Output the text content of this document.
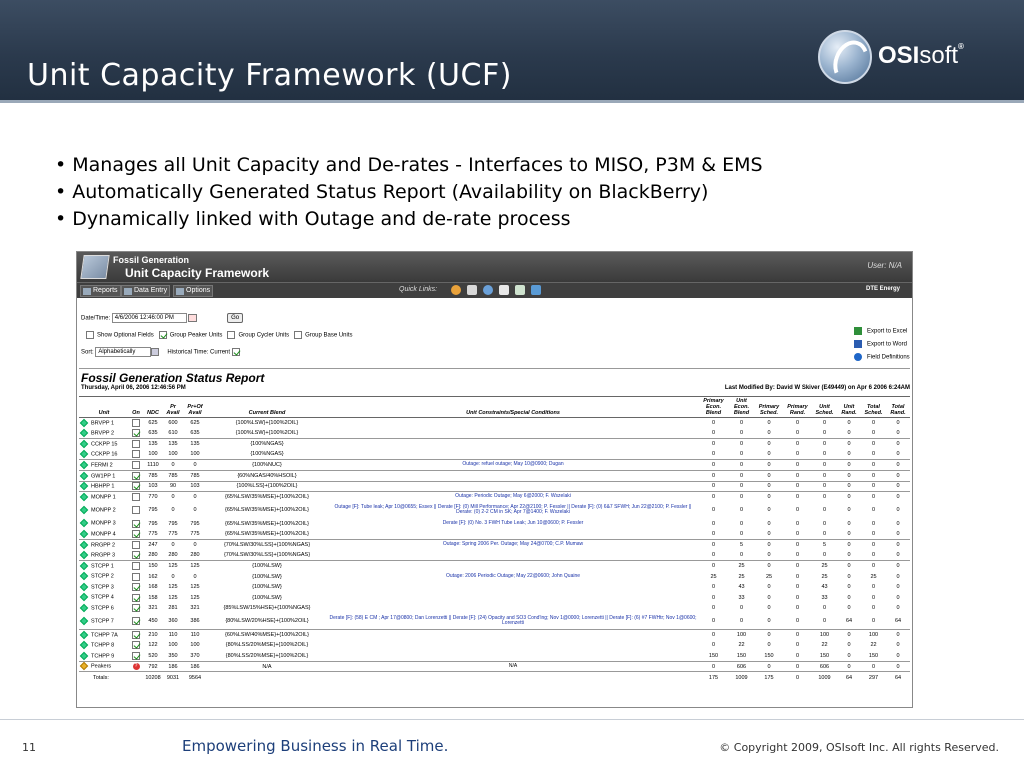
Unit Capacity Framework (UCF)
OSIsoft®
• Manages all Unit Capacity and De-rates - Interfaces to MISO, P3M & EMS
• Automatically Generated Status Report (Availability on BlackBerry)
• Dynamically linked with Outage and de-rate process
Fossil Generation
Unit Capacity Framework
User: N/A
Reports	Data Entry	Options	Quick Links:	DTE Energy
Date/Time: 4/6/2006 12:46:00 PM	Go
Show Optional Fields	Group Peaker Units	Group Cycler Units	Group Base Units
Sort: Alphabetically	Historical Time: Current
Export to Excel
Export to Word
Field Definitions
Fossil Generation Status Report
Thursday, April 06, 2006 12:46:56 PM	Last Modified By: David W Skiver (E49449) on Apr 6 2006 6:24AM
Unit	On	NDC	Pr Avail	Pr+Of Avail	Current Blend	Unit Constraints/Special Conditions	Primary Econ. Blend	Unit Econ. Blend	Primary Sched.	Primary Rand.	Unit Sched.	Unit Rand.	Total Sched.	Total Rand.
BRVPP 1		625	600	625	{100%LSW}+{100%2OIL}		0	0	0	0	0	0	0	0
BRVPP 2		635	610	635	{100%LSW}+{100%2OIL}		0	0	0	0	0	0	0	0
CCKPP 15		135	135	135	{100%NGAS}		0	0	0	0	0	0	0	0
CCKPP 16		100	100	100	{100%NGAS}		0	0	0	0	0	0	0	0
FERMI 2		1110	0	0	{100%NUC}	Outage: refuel outage; May 10@0900; Dugan	0	0	0	0	0	0	0	0
GW1PP 1		785	785	785	{60%NGAS/40%HSOIL}		0	0	0	0	0	0	0	0
HBHPP 1		103	90	103	{100%LSS}+{100%2OIL}		0	0	0	0	0	0	0	0
MONPP 1		770	0	0	{65%LSW/35%MSE}+{100%2OIL}	Outage: Periodic Outage; May 6@2000; F. Wszelaki	0	0	0	0	0	0	0	0
MONPP 2		795	0	0	{65%LSW/35%MSE}+{100%2OIL}	Outage [F]: Tube leak; Apr 10@0655; Essex || Derate [F]: (0) Mill Performance; Apr 22@2100; P. Fessler || Derate [F]: (0) 6&7 SFWH; Jun 22@2100; P. Fessler || Derate: (0) 2-2 CM in SK; Apr 7@1400; F. Wszelaki	0	0	0	0	0	0	0	0
MONPP 3		795	795	795	{65%LSW/35%MSE}+{100%2OIL}	Derate [F]: (0) No. 3 FWH Tube Leak; Jun 10@0600; P. Fessler	0	0	0	0	0	0	0	0
MONPP 4		775	775	775	{65%LSW/35%MSE}+{100%2OIL}		0	0	0	0	0	0	0	0
RRGPP 2		247	0	0	{70%LSW/30%LSS}+{100%NGAS}	Outage: Spring 2006 Per. Outage; May 24@0700; C.P. Mumaw	0	5	0	0	5	0	0	0
RRGPP 3		280	280	280	{70%LSW/30%LSS}+{100%NGAS}		0	0	0	0	0	0	0	0
STCPP 1		150	125	125	{100%LSW}		0	25	0	0	25	0	0	0
STCPP 2		162	0	0	{100%LSW}	Outage: 2006 Periodic Outage; May 22@0600; John Quaine	25	25	25	0	25	0	25	0
STCPP 3		168	125	125	{100%LSW}		0	43	0	0	43	0	0	0
STCPP 4		158	125	125	{100%LSW}		0	33	0	0	33	0	0	0
STCPP 6		321	281	321	{85%LSW/15%HSE}+{100%NGAS}		0	0	0	0	0	0	0	0
STCPP 7		450	360	386	{80%LSW/20%HSE}+{100%2OIL}	Derate [F]: (58) E CM ; Apr 17@0800; Dan Lorenzetti || Derate [F]: (24) Opacity and SO3 Cond'ing; Nov 1@0000; Lorenzetti || Derate [F]: (6) #7 FWHtr; Nov 1@0600; Lorenzetti	0	0	0	0	0	64	0	64
TCHPP 7A		210	110	110	{60%LSW/40%MSE}+{100%2OIL}		0	100	0	0	100	0	100	0
TCHPP 8		122	100	100	{80%LSS/20%MSE}+{100%2OIL}		0	22	0	0	22	0	22	0
TCHPP 9		520	350	370	{80%LSS/20%MSE}+{100%2OIL}		150	150	150	0	150	0	150	0
Peakers	?	792	186	186	N/A	N/A	0	606	0	0	606	0	0	0
Totals:		10208	9031	9564			175	1009	175	0	1009	64	297	64
11	Empowering Business in Real Time.	© Copyright 2009, OSIsoft Inc. All rights Reserved.
